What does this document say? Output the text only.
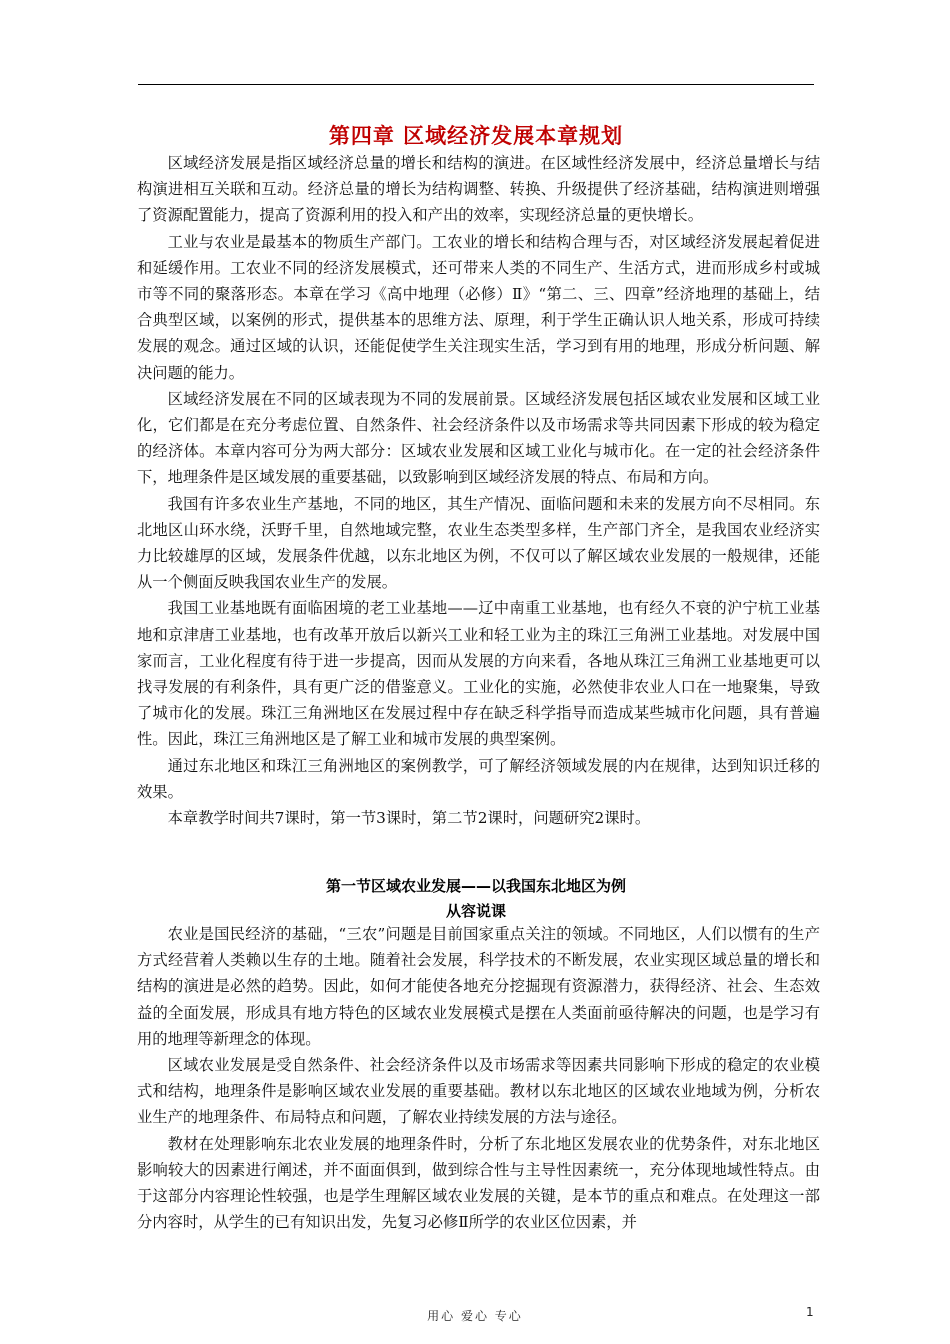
第四章 区域经济发展本章规划

区域经济发展是指区域经济总量的增长和结构的演进。在区域性经济发展中，经济总量增长与结构演进相互关联和互动。经济总量的增长为结构调整、转换、升级提供了经济基础，结构演进则增强了资源配置能力，提高了资源利用的投入和产出的效率，实现经济总量的更快增长。

工业与农业是最基本的物质生产部门。工农业的增长和结构合理与否，对区域经济发展起着促进和延缓作用。工农业不同的经济发展模式，还可带来人类的不同生产、生活方式，进而形成乡村或城市等不同的聚落形态。本章在学习《高中地理（必修）Ⅱ》“第二、三、四章”经济地理的基础上，结合典型区域，以案例的形式，提供基本的思维方法、原理，利于学生正确认识人地关系，形成可持续发展的观念。通过区域的认识，还能促使学生关注现实生活，学习到有用的地理，形成分析问题、解决问题的能力。

区域经济发展在不同的区域表现为不同的发展前景。区域经济发展包括区域农业发展和区域工业化，它们都是在充分考虑位置、自然条件、社会经济条件以及市场需求等共同因素下形成的较为稳定的经济体。本章内容可分为两大部分：区域农业发展和区域工业化与城市化。在一定的社会经济条件下，地理条件是区域发展的重要基础，以致影响到区域经济发展的特点、布局和方向。

我国有许多农业生产基地，不同的地区，其生产情况、面临问题和未来的发展方向不尽相同。东北地区山环水绕，沃野千里，自然地域完整，农业生态类型多样，生产部门齐全，是我国农业经济实力比较雄厚的区域，发展条件优越，以东北地区为例，不仅可以了解区域农业发展的一般规律，还能从一个侧面反映我国农业生产的发展。

我国工业基地既有面临困境的老工业基地——辽中南重工业基地，也有经久不衰的沪宁杭工业基地和京津唐工业基地，也有改革开放后以新兴工业和轻工业为主的珠江三角洲工业基地。对发展中国家而言，工业化程度有待于进一步提高，因而从发展的方向来看，各地从珠江三角洲工业基地更可以找寻发展的有利条件，具有更广泛的借鉴意义。工业化的实施，必然使非农业人口在一地聚集，导致了城市化的发展。珠江三角洲地区在发展过程中存在缺乏科学指导而造成某些城市化问题，具有普遍性。因此，珠江三角洲地区是了解工业和城市发展的典型案例。

通过东北地区和珠江三角洲地区的案例教学，可了解经济领域发展的内在规律，达到知识迁移的效果。

本章教学时间共7课时，第一节3课时，第二节2课时，问题研究2课时。

第一节区域农业发展——以我国东北地区为例
从容说课

农业是国民经济的基础，“三农”问题是目前国家重点关注的领域。不同地区，人们以惯有的生产方式经营着人类赖以生存的土地。随着社会发展，科学技术的不断发展，农业实现区域总量的增长和结构的演进是必然的趋势。因此，如何才能使各地充分挖掘现有资源潜力，获得经济、社会、生态效益的全面发展，形成具有地方特色的区域农业发展模式是摆在人类面前亟待解决的问题，也是学习有用的地理等新理念的体现。

区域农业发展是受自然条件、社会经济条件以及市场需求等因素共同影响下形成的稳定的农业模式和结构，地理条件是影响区域农业发展的重要基础。教材以东北地区的区域农业地域为例，分析农业生产的地理条件、布局特点和问题，了解农业持续发展的方法与途径。

教材在处理影响东北农业发展的地理条件时，分析了东北地区发展农业的优势条件，对东北地区影响较大的因素进行阐述，并不面面俱到，做到综合性与主导性因素统一，充分体现地域性特点。由于这部分内容理论性较强，也是学生理解区域农业发展的关键，是本节的重点和难点。在处理这一部分内容时，从学生的已有知识出发，先复习必修Ⅱ所学的农业区位因素，并

用心 爱心 专心	1
